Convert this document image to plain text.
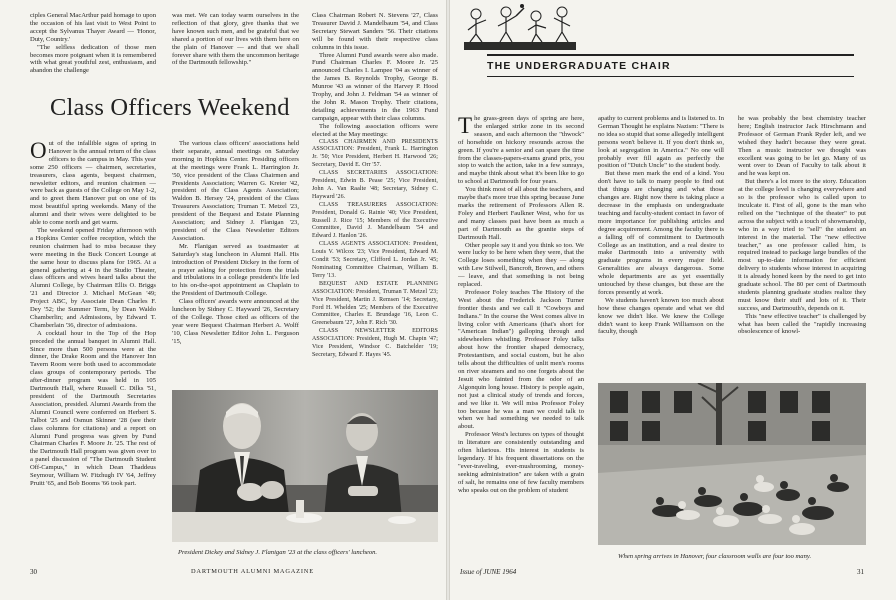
ciples General MacArthur paid homage to upon the occasion of his last visit to West Point to accept the Sylvanus Thayer Award — 'Honor, Duty, Country.'

"The selfless dedication of those men becomes more poignant when it is remembered with what great youthful zest, enthusiasm, and abandon the challenge

was met. We can today warm ourselves in the reflection of that glory, give thanks that we have known such men, and be grateful that we shared a portion of our lives with them here on the plain of Hanover — and that we shall forever share with them the uncommon heritage of the Dartmouth fellowship."

Class Officers Weekend

Out of the infallible signs of spring in Hanover is the annual return of the class officers to the campus in May. This year some 250 officers — chairmen, secretaries, treasurers, class agents, bequest chairmen, newsletter editors, and reunion chairmen — were back as guests of the College on May 1-2, and to greet them Hanover put on one of its most beautiful spring weekends. Many of the alumni and their wives were delighted to be able to come north and get warm.

The weekend opened Friday afternoon with a Hopkins Center coffee reception, which the reunion chairmen had to miss because they were meeting in the Buck Concert Lounge at the same hour to discuss plans for 1965. At a general gathering at 4 in the Studio Theater, class officers and wives heard talks about the Alumni College, by Chairman Ellis O. Briggs '21 and Director J. Michael McGean '49; Project ABC, by Associate Dean Charles F. Dey '52; the Summer Term, by Dean Waldo Chamberlin; and Admissions, by Edward T. Chamberlain '36, director of admissions.

A cocktail hour in the Top of the Hop preceded the annual banquet in Alumni Hall. Since more than 500 persons were at the dinner, the Drake Room and the Hanover Inn Tavern Room were both used to accommodate class groups of contemporary periods. The after-dinner program was held in 105 Dartmouth Hall, where Russell C. Dilks '51, president of the Dartmouth Secretaries Association, presided. Alumni Awards from the Alumni Council were conferred on Herbert S. Talbot '25 and Osmun Skinner '28 (see their class columns for citations) and a report on Alumni Fund progress was given by Fund Chairman Charles F. Moore Jr. '25. The rest of the Dartmouth Hall program was given over to a panel discussion of "The Dartmouth Student Off-Campus," in which Dean Thaddeus Seymour, William W. Fitzhugh IV '64, Jeffrey Pruitt '65, and Bob Booms '66 took part.

The various class officers' associations held their separate, annual meetings on Saturday morning in Hopkins Center. Presiding officers at the meetings were Frank L. Harrington Jr. '50, vice president of the Class Chairmen and Presidents Association; Warren G. Kreter '42, president of the Class Agents Association; Waldon B. Hersey '24, president of the Class Treasurers Association; Truman T. Metzel '23, president of the Bequest and Estate Planning Association; and Sidney J. Flanigan '23, president of the Class Newsletter Editors Association.

Mr. Flanigan served as toastmaster at Saturday's stag luncheon in Alumni Hall. His introduction of President Dickey in the form of a prayer asking for protection from the trials and tribulations in a college president's life led to his on-the-spot appointment as Chaplain to the President of Dartmouth College.

Class officers' awards were announced at the luncheon by Sidney C. Hayward '26, Secretary of the College. Those cited as officers of the year were Bequest Chairman Herbert A. Wolff '10, Class Newsletter Editor John L. Ferguson '15,

Class Chairman Robert N. Stevens '27, Class Treasurer David J. Mandelbaum '54, and Class Secretary Stewart Sanders '56. Their citations will be found with their respective class columns in this issue.

Three Alumni Fund awards were also made. Fund Chairman Charles F. Moore Jr. '25 announced Charles I. Lampee '04 as winner of the James B. Reynolds Trophy, George B. Munroe '43 as winner of the Harvey P. Hood Trophy, and John J. Feldman '54 as winner of the John R. Mason Trophy. Their citations, detailing achievements in the 1963 Fund campaign, appear with their class columns.

The following association officers were elected at the May meetings:

CLASS CHAIRMEN AND PRESIDENTS ASSOCIATION: President, Frank L. Harrington Jr. '50; Vice President, Herbert H. Harwood '26; Secretary, David E. Orr '57.

CLASS SECRETARIES ASSOCIATION: President, Edwin B. Pease '25; Vice President, John A. Van Raalte '48; Secretary, Sidney C. Hayward '26.

CLASS TREASURERS ASSOCIATION: President, Donald G. Rainie '40; Vice President, Russell J. Rice '15; Members of the Executive Committee, David J. Mandelbaum '54 and Edward J. Hanlon '26.

CLASS AGENTS ASSOCIATION: President, Louis V. Wilcox '23; Vice President, Edward M. Condit '53; Secretary, Clifford L. Jordan Jr. '45; Nominating Committee Chairman, William B. Terry '13.

BEQUEST AND ESTATE PLANNING ASSOCIATION: President, Truman T. Metzel '23; Vice President, Martin J. Remsen '14; Secretary, Ford H. Whelden '25; Members of the Executive Committee, Charles E. Brundage '16, Leon C. Greenebaum '27, John F. Rich '30.

CLASS NEWSLETTER EDITORS ASSOCIATION: President, Hugh M. Chapin '47; Vice President, Windsor C. Batchelder '19; Secretary, Edward F. Hayes '45.

President Dickey and Sidney J. Flanigan '23 at the class officers' luncheon.
30	DARTMOUTH ALUMNI MAGAZINE
THE UNDERGRADUATE CHAIR

The grass-green days of spring are here, the enlarged strike zone in its second season, and each afternoon the "thwock" of horsehide on hickory resounds across the green. If you're a senior and can spare the time from the classes-papers-exams grand prix, you stop to watch the action, take in a few sunrays, and maybe think about what it's been like to go to school at Dartmouth for four years.

You think most of all about the teachers, and maybe that's more true this spring because June marks the retirement of Professors Allen R. Foley and Herbert Faulkner West, who for us and many classes past have been as much a part of Dartmouth as the granite steps of Dartmouth Hall.

Other people say it and you think so too. We were lucky to be here when they were, that the College loses something when they — along with Lew Stilwell, Bancroft, Brown, and others — leave, and that something is not being replaced.

Professor Foley teaches The History of the West about the Frederick Jackson Turner frontier thesis and we call it "Cowboys and Indians." In the course the West comes alive in living color with Americans (that's short for "American Indian") galloping through and sidewheelers whistling. Professor Foley talks about how the frontier shaped democracy, Protestantism, and social custom, but he also tells about the difficulties of unlit men's rooms on river steamers and no one forgets about the Jesuit who fainted from the odor of an Algonquin long house. History is people again, not just a clinical study of trends and forces, and we like it. We will miss Professor Foley too because he was a man we could talk to when we had something we needed to talk about.

Professor West's lectures on types of thought in literature are consistently outstanding and often hilarious. His interest in students is legendary. If his frequent dissertations on the "ever-traveling, ever-mushrooming, money-seeking administration" are taken with a grain of salt, he remains one of few faculty members who speaks out on the problem of student

apathy to current problems and is listened to. In German Thought he explains Nazism: "There is no idea so stupid that some allegedly intelligent persons won't believe it. If you don't think so, look at segregation in America." No one will probably ever fill again as perfectly the position of "Dutch Uncle" to the student body.

But these men mark the end of a kind. You don't have to talk to many people to find out that things are changing and what those changes are. Right now there is taking place a decrease in the emphasis on undergraduate teaching and faculty-student contact in favor of more importance for publishing articles and degree acquirement. Among the faculty there is a falling off of commitment to Dartmouth College as an institution, and a real desire to make Dartmouth into a university with graduate programs in every major field. Generalities are always dangerous. Some whole departments are as yet essentially untouched by these changes, but these are the forces presently at work.

We students haven't known too much about how these changes operate and what we did know we didn't like. We knew the College didn't want to keep Frank Williamson on the faculty, though

he was probably the best chemistry teacher here; English instructor Jack Hirschmann and Professor of German Frank Ryder left, and we wished they hadn't because they were great. Then a music instructor we thought was excellent was going to be let go. Many of us went over to Dean of Faculty to talk about it and he was kept on.

But there's a lot more to the story. Education at the college level is changing everywhere and so is the professor who is called upon to inculcate it. First of all, gone is the man who relied on the "technique of the theater" to put across the subject with a touch of showmanship, who in a way tried to "sell" the student an interest in the material. The "new effective teacher," as one professor called him, is required instead to package large bundles of the most up-to-date information for efficient delivery to students whose interest in acquiring it is already honed keen by the need to get into graduate school. The 80 per cent of Dartmouth students planning graduate studies realize they must know their stuff and lots of it. Their success, and Dartmouth's, depends on it.

This "new effective teacher" is challenged by what has been called the "rapidly increasing obsolescence of knowl-

When spring arrives in Hanover, four classroom walls are four too many.
Issue of JUNE 1964	31
